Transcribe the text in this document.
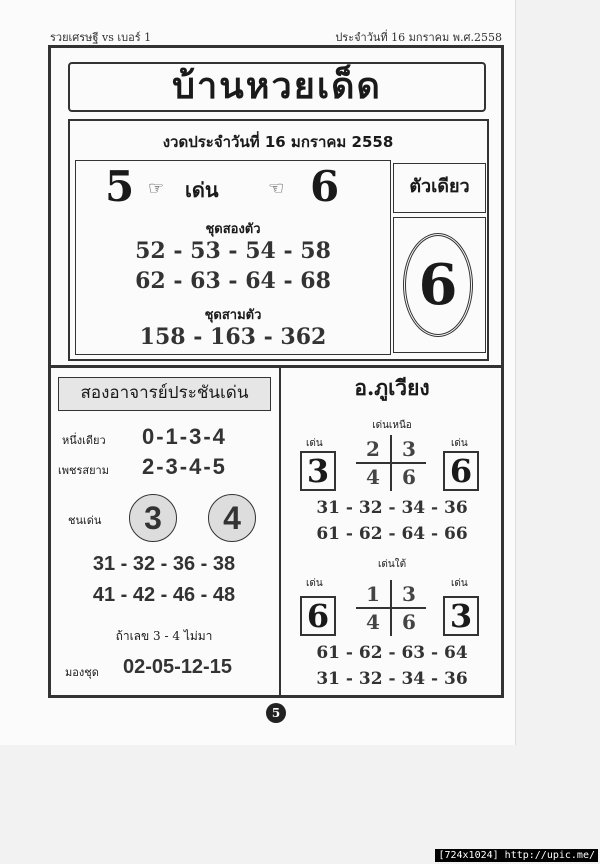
รวยเศรษฐี vs เบอร์ 1	ประจำวันที่ 16 มกราคม พ.ศ.2558
บ้านหวยเด็ด
งวดประจำวันที่ 16 มกราคม 2558
5 ☞ เด่น	☞ 6
ชุดสองตัว
52 - 53 - 54 - 58
62 - 63 - 64 - 68
ชุดสามตัว
158 - 163 - 362
ตัวเดียว
6
สองอาจารย์ประชันเด่น
หนึ่งเดียว 0-1-3-4
เพชรสยาม 2-3-4-5
ชนเด่น	3	4
31 - 32 - 36 - 38
41 - 42 - 46 - 48
ถ้าเลข 3 - 4 ไม่มา
มองชุด 02-05-12-15
อ.ภูเวียง
เด่นเหนือ
เด่น	เด่น
3	6
2	3
4	6
31 - 32 - 34 - 36
61 - 62 - 64 - 66
เด่นใต้
เด่น	เด่น
6	3
1	3
4	6
61 - 62 - 63 - 64
31 - 32 - 34 - 36
5
[724x1024] http://upic.me/
